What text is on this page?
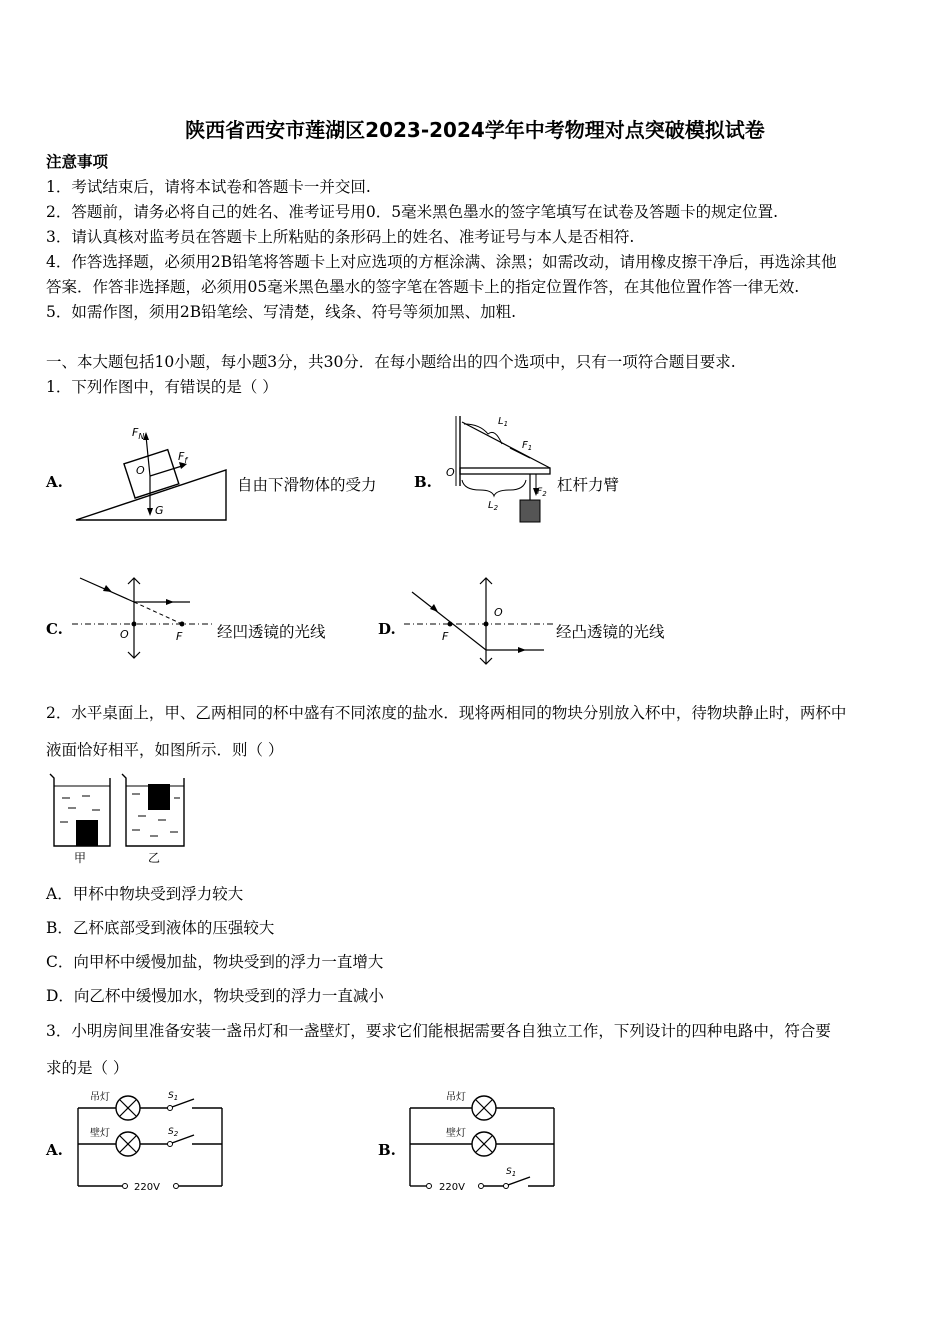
陕西省西安市莲湖区2023-2024学年中考物理对点突破模拟试卷
注意事项
1．考试结束后，请将本试卷和答题卡一并交回.
2．答题前，请务必将自己的姓名、准考证号用0．5毫米黑色墨水的签字笔填写在试卷及答题卡的规定位置.
3．请认真核对监考员在答题卡上所粘贴的条形码上的姓名、准考证号与本人是否相符.
4．作答选择题，必须用2B铅笔将答题卡上对应选项的方框涂满、涂黑；如需改动，请用橡皮擦干净后，再选涂其他
答案．作答非选择题，必须用05毫米黑色墨水的签字笔在答题卡上的指定位置作答，在其他位置作答一律无效.
5．如需作图，须用2B铅笔绘、写清楚，线条、符号等须加黑、加粗.
一、本大题包括10小题，每小题3分，共30分．在每小题给出的四个选项中，只有一项符合题目要求.
1．下列作图中，有错误的是（ ）
A.
$F_N$
$F_f$
O
G
自由下滑物体的受力 B.
O
$L_1$
$F_1$
$L_2$
$F_2$ 杠杆力臂
C.	O	F 经凹透镜的光线	D.	F
O
经凸透镜的光线
2．水平桌面上，甲、乙两相同的杯中盛有不同浓度的盐水．现将两相同的物块分别放入杯中，待物块静止时，两杯中
液面恰好相平，如图所示．则（ ）
甲	乙
A．甲杯中物块受到浮力较大
B．乙杯底部受到液体的压强较大
C．向甲杯中缓慢加盐，物块受到的浮力一直增大
D．向乙杯中缓慢加水，物块受到的浮力一直减小
3．小明房间里准备安装一盏吊灯和一盏壁灯，要求它们能根据需要各自独立工作，下列设计的四种电路中，符合要
求的是（ ）
A.
吊灯
壁灯
$S_1$
$S_2$
220V
B.
吊灯
壁灯
$S_1$
220V
